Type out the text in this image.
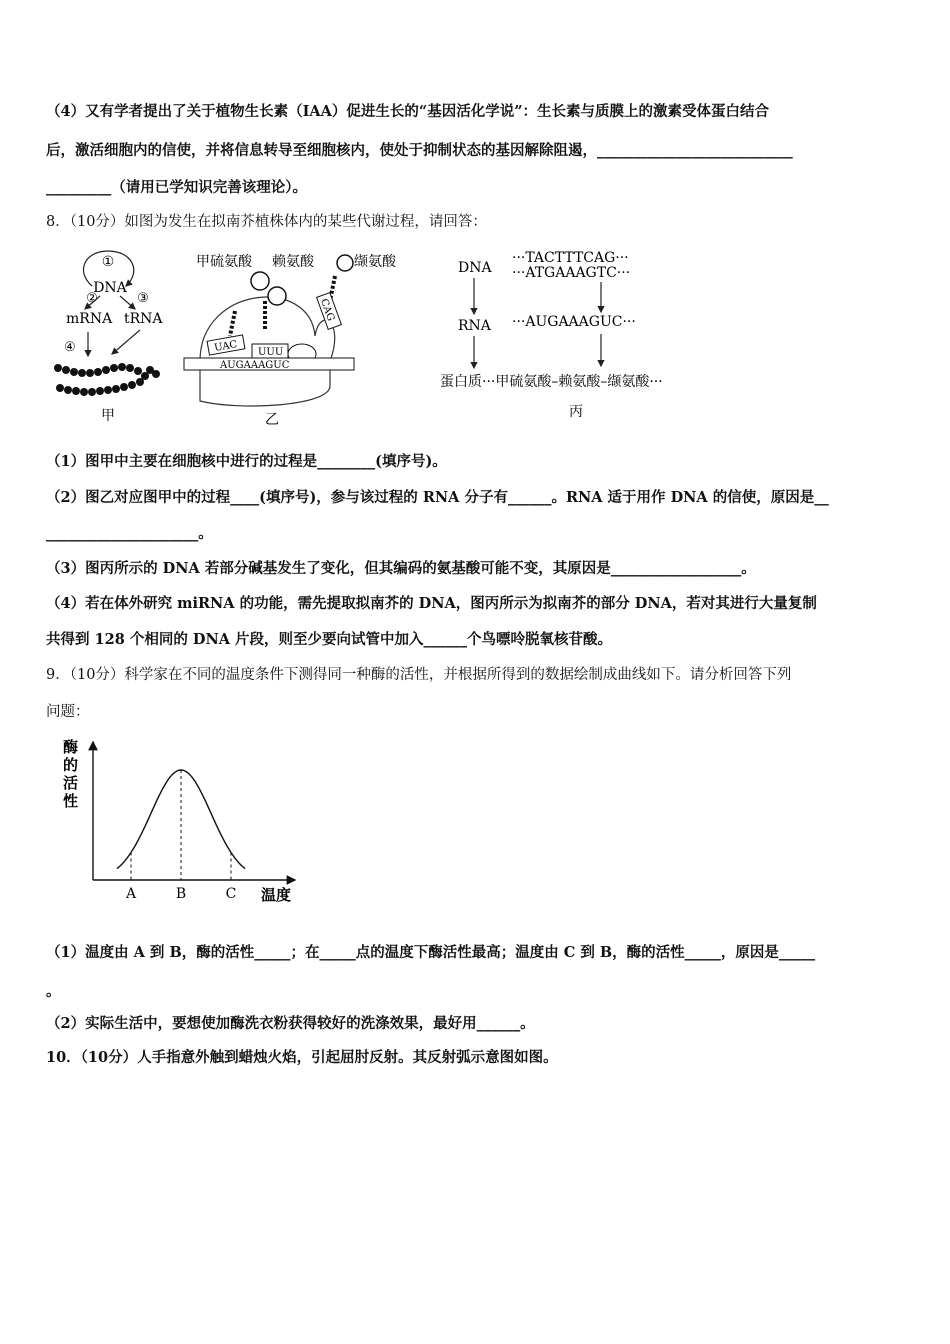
（4）又有学者提出了关于植物生长素（IAA）促进生长的“基因活化学说”：生长素与质膜上的激素受体蛋白结合
后，激活细胞内的信使，并将信息转导至细胞核内，使处于抑制状态的基因解除阻遏，___________________________
_________（请用已学知识完善该理论）。
8．（10分）如图为发生在拟南芥植株体内的某些代谢过程，请回答：
①
DNA
②	③
mRNA tRNA
④
甲
甲硫氨酸 赖氨酸	缬氨酸
UAC UUU
CAG
AUGAAAGUC
乙
DNA
···TACTTTCAG···
···ATGAAAGTC···
RNA ···AUGAAAGUC···
蛋白质···甲硫氨酸–赖氨酸–缬氨酸···
丙
（1）图甲中主要在细胞核中进行的过程是________(填序号)。
（2）图乙对应图甲中的过程____(填序号)，参与该过程的 RNA 分子有______。RNA 适于用作 DNA 的信使，原因是__
_____________________。
（3）图丙所示的 DNA 若部分碱基发生了变化，但其编码的氨基酸可能不变，其原因是__________________。
（4）若在体外研究 miRNA 的功能，需先提取拟南芥的 DNA，图丙所示为拟南芥的部分 DNA，若对其进行大量复制
共得到 128 个相同的 DNA 片段，则至少要向试管中加入______个鸟嘌呤脱氧核苷酸。
9．（10分）科学家在不同的温度条件下测得同一种酶的活性，并根据所得到的数据绘制成曲线如下。请分析回答下列
问题：
酶
的
活
性
A	B	C 温度
（1）温度由 A 到 B，酶的活性_____；在_____点的温度下酶活性最高；温度由 C 到 B，酶的活性_____，原因是_____
。
（2）实际生活中，要想使加酶洗衣粉获得较好的洗涤效果，最好用______。
10．（10分）人手指意外触到蜡烛火焰，引起屈肘反射。其反射弧示意图如图。
